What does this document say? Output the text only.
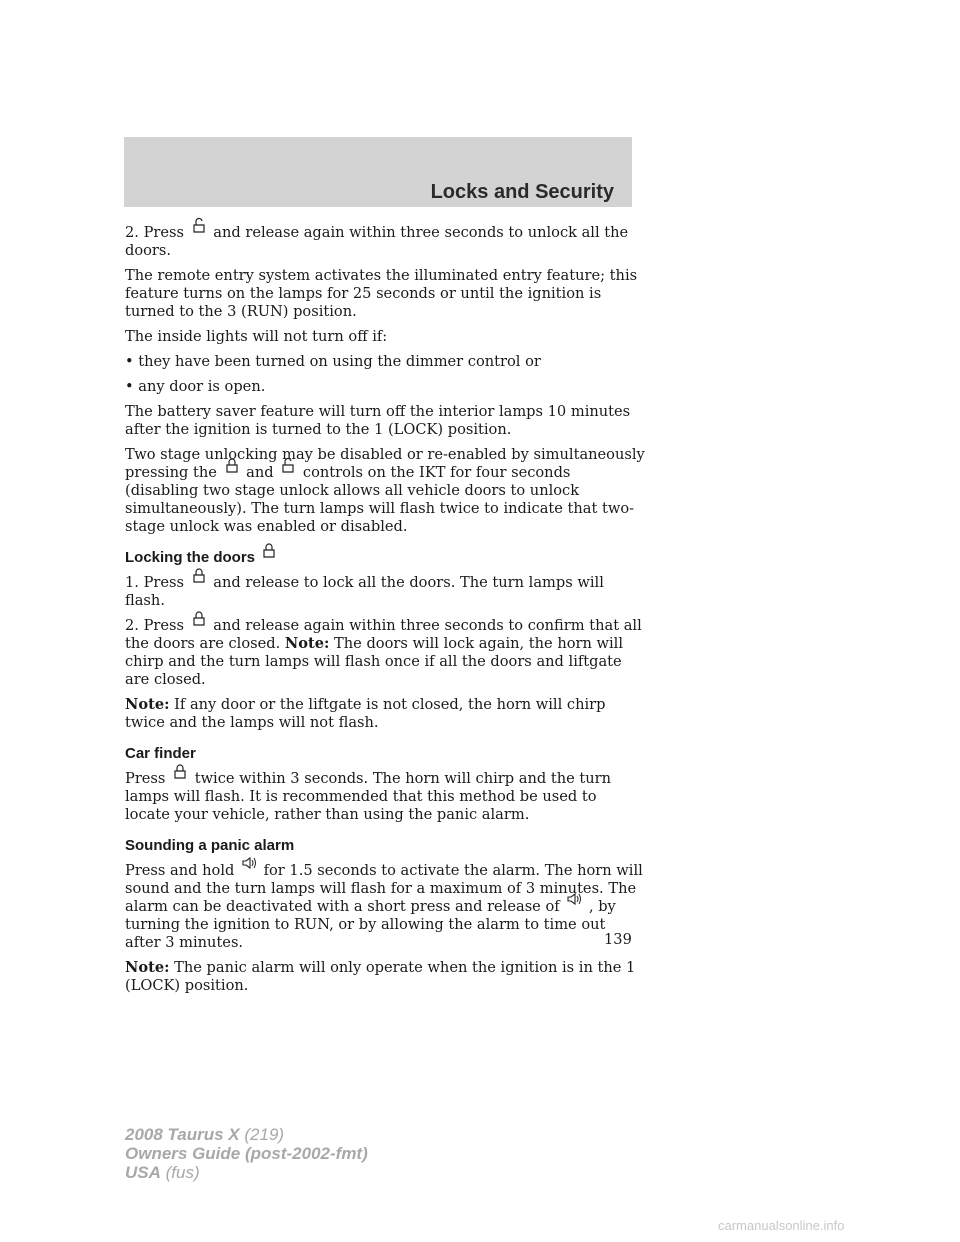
Locks and Security

2. Press and release again within three seconds to unlock all the doors.

The remote entry system activates the illuminated entry feature; this feature turns on the lamps for 25 seconds or until the ignition is turned to the 3 (RUN) position.

The inside lights will not turn off if:

• they have been turned on using the dimmer control or

• any door is open.

The battery saver feature will turn off the interior lamps 10 minutes after the ignition is turned to the 1 (LOCK) position.

Two stage unlocking may be disabled or re-enabled by simultaneously pressing the and controls on the IKT for four seconds (disabling two stage unlock allows all vehicle doors to unlock simultaneously). The turn lamps will flash twice to indicate that two-stage unlock was enabled or disabled.

Locking the doors

1. Press and release to lock all the doors. The turn lamps will flash.

2. Press and release again within three seconds to confirm that all the doors are closed. Note: The doors will lock again, the horn will chirp and the turn lamps will flash once if all the doors and liftgate are closed.

Note: If any door or the liftgate is not closed, the horn will chirp twice and the lamps will not flash.

Car finder

Press twice within 3 seconds. The horn will chirp and the turn lamps will flash. It is recommended that this method be used to locate your vehicle, rather than using the panic alarm.

Sounding a panic alarm

Press and hold for 1.5 seconds to activate the alarm. The horn will sound and the turn lamps will flash for a maximum of 3 minutes. The alarm can be deactivated with a short press and release of , by turning the ignition to RUN, or by allowing the alarm to time out after 3 minutes.

Note: The panic alarm will only operate when the ignition is in the 1 (LOCK) position.

139
2008 Taurus X (219)
Owners Guide (post-2002-fmt)
USA (fus)
carmanualsonline.info
